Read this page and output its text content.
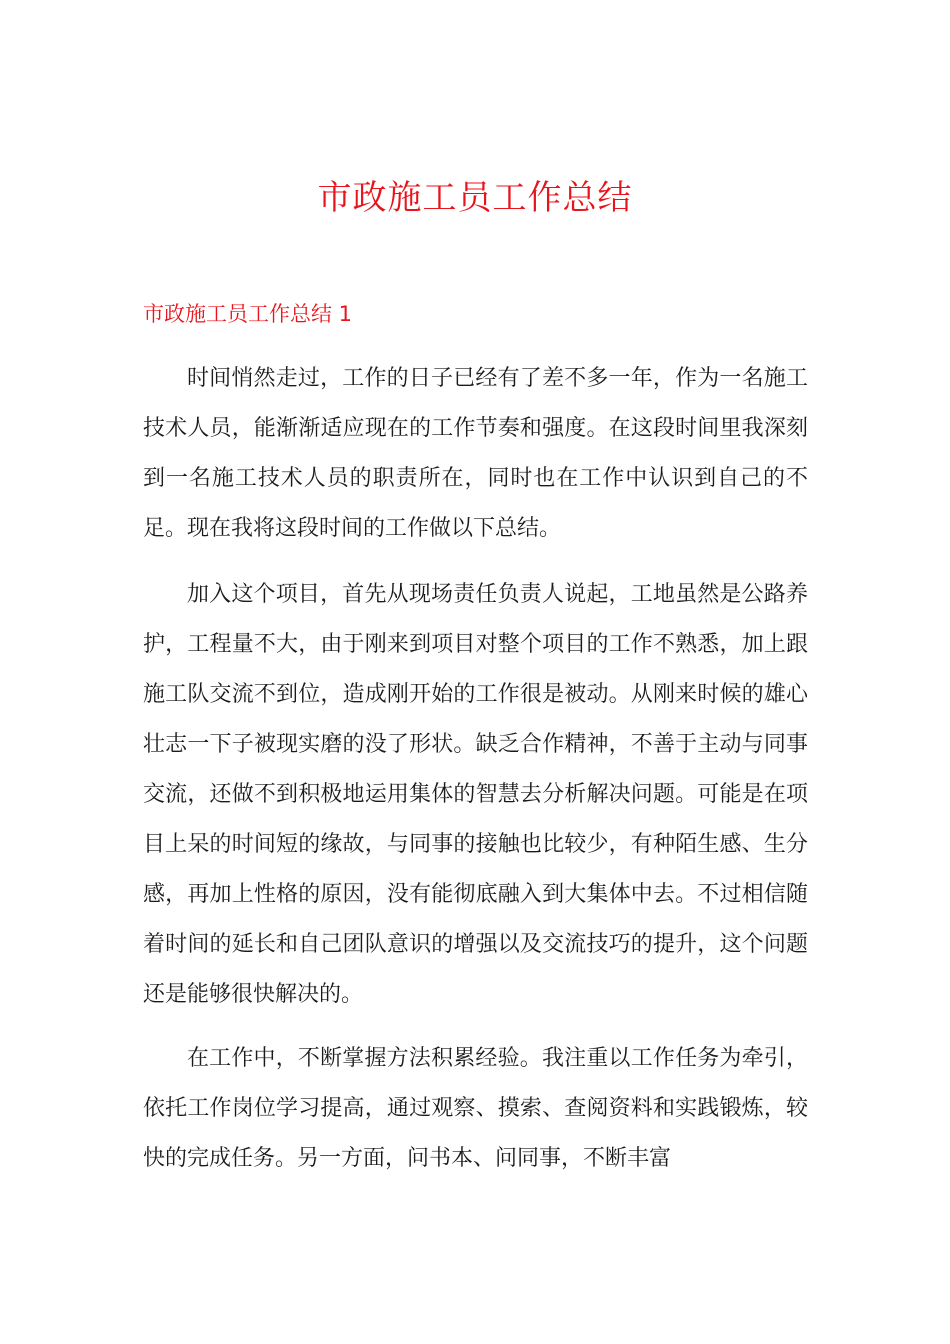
市政施工员工作总结
市政施工员工作总结 1

时间悄然走过，工作的日子已经有了差不多一年，作为一名施工技术人员，能渐渐适应现在的工作节奏和强度。在这段时间里我深刻到一名施工技术人员的职责所在，同时也在工作中认识到自己的不足。现在我将这段时间的工作做以下总结。

加入这个项目，首先从现场责任负责人说起，工地虽然是公路养护，工程量不大，由于刚来到项目对整个项目的工作不熟悉，加上跟施工队交流不到位，造成刚开始的工作很是被动。从刚来时候的雄心壮志一下子被现实磨的没了形状。缺乏合作精神，不善于主动与同事交流，还做不到积极地运用集体的智慧去分析解决问题。可能是在项目上呆的时间短的缘故，与同事的接触也比较少，有种陌生感、生分感，再加上性格的原因，没有能彻底融入到大集体中去。不过相信随着时间的延长和自己团队意识的增强以及交流技巧的提升，这个问题还是能够很快解决的。

在工作中，不断掌握方法积累经验。我注重以工作任务为牵引，依托工作岗位学习提高，通过观察、摸索、查阅资料和实践锻炼，较快的完成任务。另一方面，问书本、问同事，不断丰富
